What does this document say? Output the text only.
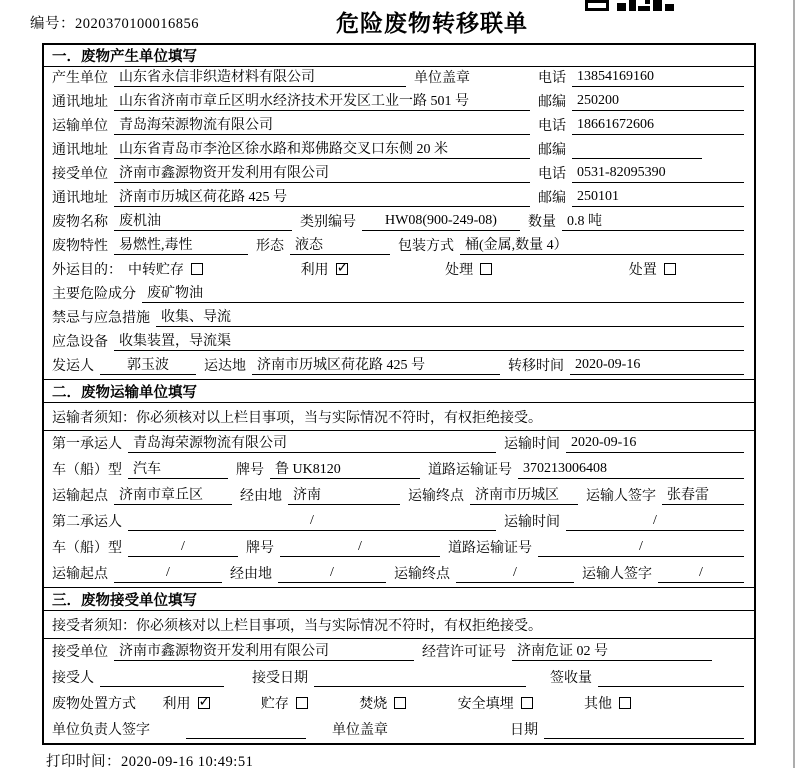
编号：2020370100016856	危险废物转移联单
一．废物产生单位填写
产生单位 山东省永信非织造材料有限公司	单位盖章	电话 13854169160
通讯地址 山东省济南市章丘区明水经济技术开发区工业一路 501 号	邮编 250200
运输单位 青岛海荣源物流有限公司	电话 18661672606
通讯地址 山东省青岛市李沧区徐水路和郑佛路交叉口东侧 20 米	邮编
接受单位 济南市鑫源物资开发利用有限公司	电话 0531-82095390
通讯地址 济南市历城区荷花路 425 号	邮编 250101
废物名称 废机油	类别编号	HW08(900-249-08)	数量 0.8 吨
废物特性 易燃性,毒性	形态 液态	包装方式 桶(金属,数量 4）
外运目的： 中转贮存	利用 ✓	处理	处置
主要危险成分 废矿物油
禁忌与应急措施 收集、导流
应急设备 收集装置，导流渠
发运人	郭玉波	运达地 济南市历城区荷花路 425 号	转移时间 2020-09-16
二．废物运输单位填写
运输者须知：你必须核对以上栏目事项，当与实际情况不符时，有权拒绝接受。
第一承运人 青岛海荣源物流有限公司	运输时间 2020-09-16
车（船）型 汽车	牌号 鲁 UK8120	道路运输证号 370213006408
运输起点 济南市章丘区	经由地 济南	运输终点 济南市历城区	运输人签字 张春雷
第二承运人	/	运输时间	/
车（船）型	/	牌号	/	道路运输证号	/
运输起点	/	经由地	/	运输终点	/	运输人签字	/
三．废物接受单位填写
接受者须知：你必须核对以上栏目事项，当与实际情况不符时，有权拒绝接受。
接受单位 济南市鑫源物资开发利用有限公司	经营许可证号 济南危证 02 号
接受人	接受日期	签收量
废物处置方式	利用 ✓	贮存	焚烧	安全填埋	其他
单位负责人签字	单位盖章	日期
打印时间：2020-09-16 10:49:51
